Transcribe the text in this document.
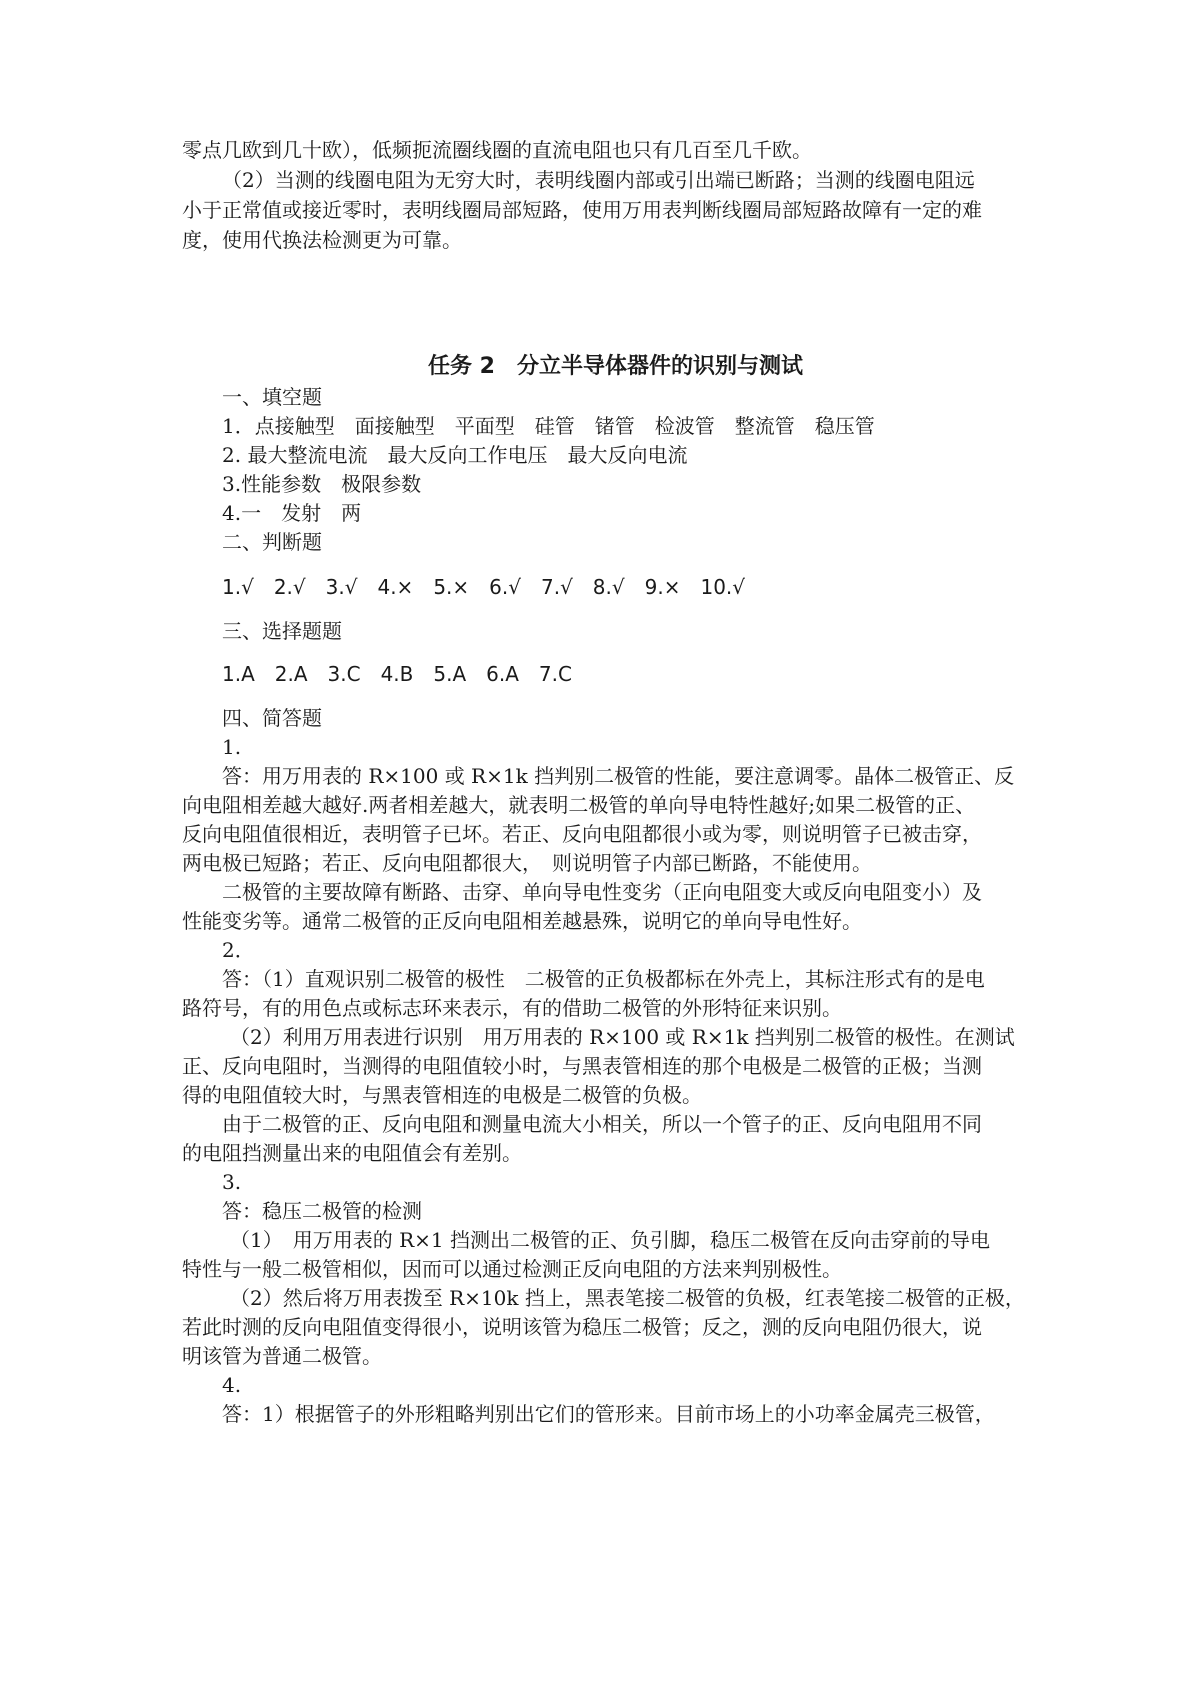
零点几欧到几十欧），低频扼流圈线圈的直流电阻也只有几百至几千欧。

（2）当测的线圈电阻为无穷大时，表明线圈内部或引出端已断路；当测的线圈电阻远

小于正常值或接近零时，表明线圈局部短路，使用万用表判断线圈局部短路故障有一定的难

度，使用代换法检测更为可靠。

任务 2　分立半导体器件的识别与测试

一、填空题

1．点接触型　面接触型　平面型　硅管　锗管　检波管　整流管　稳压管

2. 最大整流电流　最大反向工作电压　最大反向电流

3.性能参数　极限参数

4.一　发射　两

二、判断题

1.√　2.√　3.√　4.×　5.×　6.√　7.√　8.√　9.×　10.√

三、选择题题

1.A　2.A　3.C　4.B　5.A　6.A　7.C

四、简答题

1.

答：用万用表的 R×100 或 R×1k 挡判别二极管的性能，要注意调零。晶体二极管正、反

向电阻相差越大越好.两者相差越大，就表明二极管的单向导电特性越好;如果二极管的正、

反向电阻值很相近，表明管子已坏。若正、反向电阻都很小或为零，则说明管子已被击穿，

两电极已短路；若正、反向电阻都很大，　则说明管子内部已断路，不能使用。

二极管的主要故障有断路、击穿、单向导电性变劣（正向电阻变大或反向电阻变小）及

性能变劣等。通常二极管的正反向电阻相差越悬殊，说明它的单向导电性好。

2．

答：（1）直观识别二极管的极性　二极管的正负极都标在外壳上，其标注形式有的是电

路符号，有的用色点或标志环来表示，有的借助二极管的外形特征来识别。

（2）利用万用表进行识别　用万用表的 R×100 或 R×1k 挡判别二极管的极性。在测试

正、反向电阻时，当测得的电阻值较小时，与黑表管相连的那个电极是二极管的正极；当测

得的电阻值较大时，与黑表管相连的电极是二极管的负极。

由于二极管的正、反向电阻和测量电流大小相关，所以一个管子的正、反向电阻用不同

的电阻挡测量出来的电阻值会有差别。

3.

答：稳压二极管的检测

（1）　用万用表的 R×1 挡测出二极管的正、负引脚，稳压二极管在反向击穿前的导电

特性与一般二极管相似，因而可以通过检测正反向电阻的方法来判别极性。

（2）然后将万用表拨至 R×10k 挡上，黑表笔接二极管的负极，红表笔接二极管的正极，

若此时测的反向电阻值变得很小，说明该管为稳压二极管；反之，测的反向电阻仍很大，说

明该管为普通二极管。

4.

答：1）根据管子的外形粗略判别出它们的管形来。目前市场上的小功率金属壳三极管，
